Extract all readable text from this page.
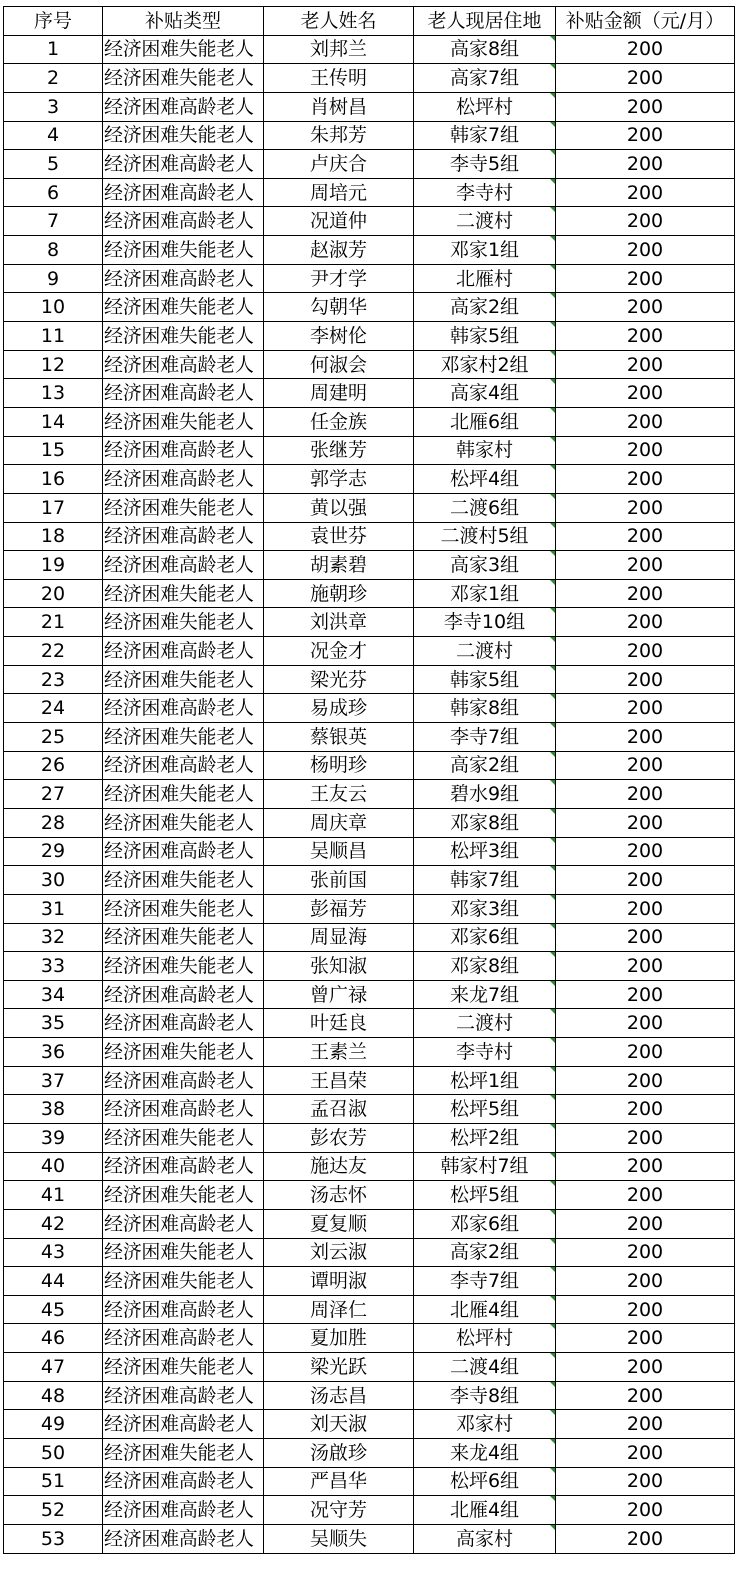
序号	补贴类型	老人姓名	老人现居住地	补贴金额（元/月）
1	经济困难失能老人	刘邦兰	高家8组	200
2	经济困难失能老人	王传明	高家7组	200
3	经济困难高龄老人	肖树昌	松坪村	200
4	经济困难失能老人	朱邦芳	韩家7组	200
5	经济困难高龄老人	卢庆合	李寺5组	200
6	经济困难高龄老人	周培元	李寺村	200
7	经济困难高龄老人	况道仲	二渡村	200
8	经济困难失能老人	赵淑芳	邓家1组	200
9	经济困难高龄老人	尹才学	北雁村	200
10	经济困难失能老人	勾朝华	高家2组	200
11	经济困难失能老人	李树伦	韩家5组	200
12	经济困难高龄老人	何淑会	邓家村2组	200
13	经济困难高龄老人	周建明	高家4组	200
14	经济困难失能老人	任金族	北雁6组	200
15	经济困难高龄老人	张继芳	韩家村	200
16	经济困难高龄老人	郭学志	松坪4组	200
17	经济困难失能老人	黄以强	二渡6组	200
18	经济困难高龄老人	袁世芬	二渡村5组	200
19	经济困难高龄老人	胡素碧	高家3组	200
20	经济困难失能老人	施朝珍	邓家1组	200
21	经济困难失能老人	刘洪章	李寺10组	200
22	经济困难高龄老人	况金才	二渡村	200
23	经济困难失能老人	梁光芬	韩家5组	200
24	经济困难高龄老人	易成珍	韩家8组	200
25	经济困难失能老人	蔡银英	李寺7组	200
26	经济困难高龄老人	杨明珍	高家2组	200
27	经济困难失能老人	王友云	碧水9组	200
28	经济困难失能老人	周庆章	邓家8组	200
29	经济困难高龄老人	吴顺昌	松坪3组	200
30	经济困难失能老人	张前国	韩家7组	200
31	经济困难失能老人	彭福芳	邓家3组	200
32	经济困难失能老人	周显海	邓家6组	200
33	经济困难失能老人	张知淑	邓家8组	200
34	经济困难高龄老人	曾广禄	来龙7组	200
35	经济困难高龄老人	叶廷良	二渡村	200
36	经济困难失能老人	王素兰	李寺村	200
37	经济困难高龄老人	王昌荣	松坪1组	200
38	经济困难高龄老人	孟召淑	松坪5组	200
39	经济困难失能老人	彭农芳	松坪2组	200
40	经济困难高龄老人	施达友	韩家村7组	200
41	经济困难失能老人	汤志怀	松坪5组	200
42	经济困难高龄老人	夏复顺	邓家6组	200
43	经济困难失能老人	刘云淑	高家2组	200
44	经济困难失能老人	谭明淑	李寺7组	200
45	经济困难高龄老人	周泽仁	北雁4组	200
46	经济困难高龄老人	夏加胜	松坪村	200
47	经济困难失能老人	梁光跃	二渡4组	200
48	经济困难高龄老人	汤志昌	李寺8组	200
49	经济困难高龄老人	刘天淑	邓家村	200
50	经济困难失能老人	汤啟珍	来龙4组	200
51	经济困难高龄老人	严昌华	松坪6组	200
52	经济困难高龄老人	况守芳	北雁4组	200
53	经济困难高龄老人	吴顺失	高家村	200
